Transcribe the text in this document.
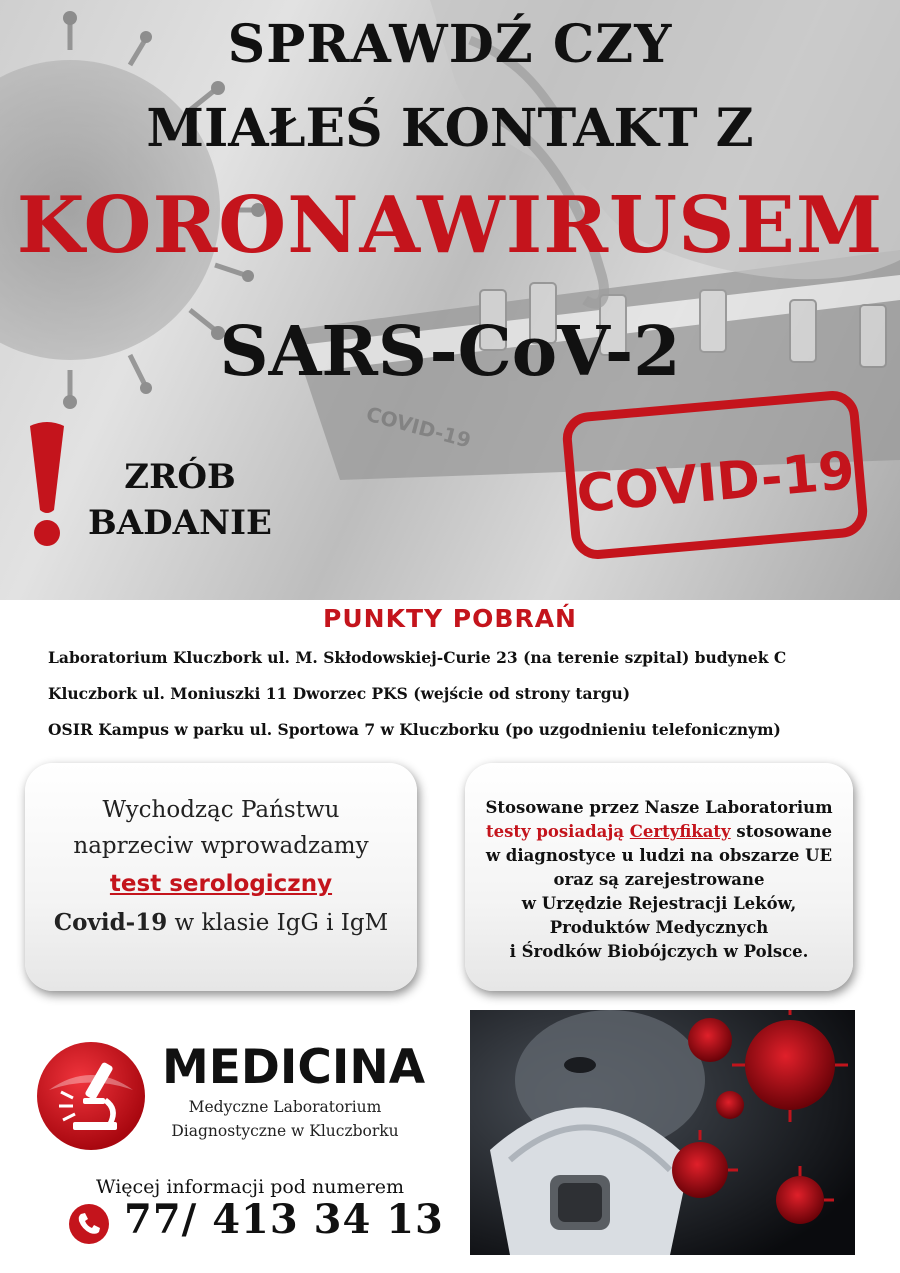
COVID-19
SPRAWDŹ CZY
MIAŁEŚ KONTAKT Z
KORONAWIRUSEM
SARS-CoV-2
ZRÓB
BADANIE	COVID-19
PUNKTY POBRAŃ

Laboratorium Kluczbork ul. M. Skłodowskiej-Curie 23 (na terenie szpital) budynek C

Kluczbork ul. Moniuszki 11 Dworzec PKS (wejście od strony targu)

OSIR Kampus w parku ul. Sportowa 7 w Kluczborku (po uzgodnieniu telefonicznym)

Wychodząc Państwu

naprzeciw wprowadzamy

test serologiczny

Covid-19 w klasie IgG i IgM

Stosowane przez Nasze Laboratorium
testy posiadają Certyfikaty stosowane
w diagnostyce u ludzi na obszarze UE
oraz są zarejestrowane
w Urzędzie Rejestracji Leków,
Produktów Medycznych
i Środków Biobójczych w Polsce.
MEDICINA

Medyczne Laboratorium

Diagnostyczne w Kluczborku

Więcej informacji pod numerem

77/ 413 34 13
